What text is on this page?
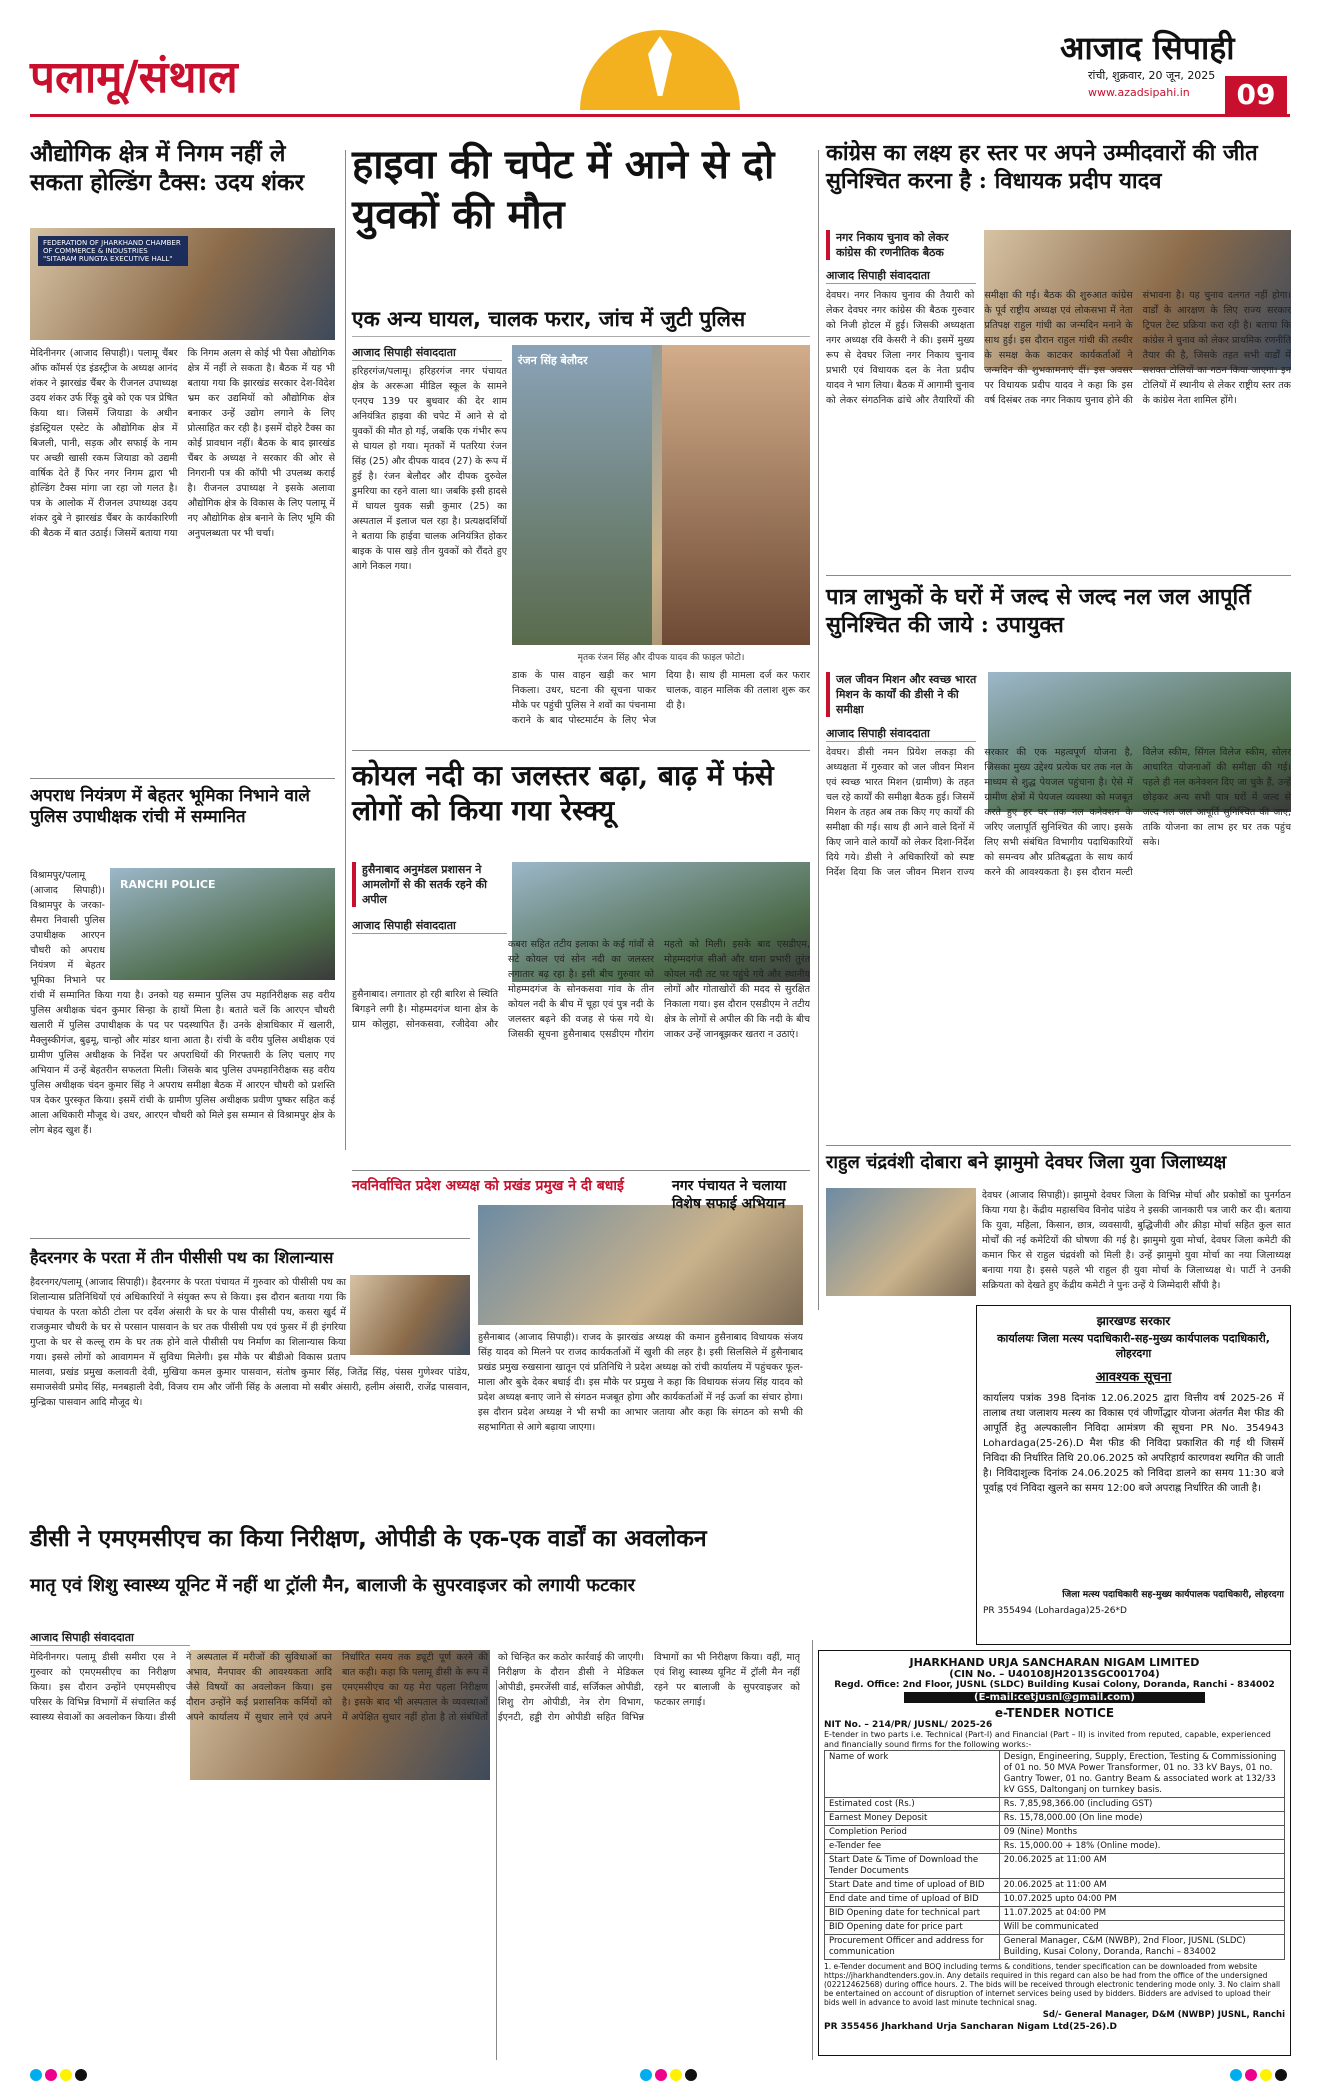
पलामू/संथाल
आजाद सिपाही
रांची, शुक्रवार, 20 जून, 2025
www.azadsipahi.in	09
औद्योगिक क्षेत्र में निगम नहीं ले सकता होल्डिंग टैक्स: उदय शंकर
FEDERATION OF JHARKHAND CHAMBER OF COMMERCE & INDUSTRIES "SITARAM RUNGTA EXECUTIVE HALL"
मेदिनीनगर (आजाद सिपाही)। पलामू चैंबर ऑफ कॉमर्स एंड इंडस्ट्रीज के अध्यक्ष आनंद शंकर ने झारखंड चैंबर के रीजनल उपाध्यक्ष उदय शंकर उर्फ रिंकू दुबे को एक पत्र प्रेषित किया था। जिसमें जियाडा के अधीन इंडस्ट्रियल एस्टेट के औद्योगिक क्षेत्र में बिजली, पानी, सड़क और सफाई के नाम पर अच्छी खासी रकम जियाडा को उद्यमी वार्षिक देते हैं फिर नगर निगम द्वारा भी होल्डिंग टैक्स मांगा जा रहा जो गलत है। पत्र के आलोक में रीजनल उपाध्यक्ष उदय शंकर दुबे ने झारखंड चैंबर के कार्यकारिणी की बैठक में बात उठाई। जिसमें बताया गया कि निगम अलग से कोई भी पैसा औद्योगिक क्षेत्र में नहीं ले सकता है। बैठक में यह भी बताया गया कि झारखंड सरकार देश-विदेश भ्रम कर उद्यमियों को औद्योगिक क्षेत्र बनाकर उन्हें उद्योग लगाने के लिए प्रोत्साहित कर रही है। इसमें दोहरे टैक्स का कोई प्रावधान नहीं। बैठक के बाद झारखंड चैंबर के अध्यक्ष ने सरकार की ओर से निगरानी पत्र की कॉपी भी उपलब्ध कराई है। रीजनल उपाध्यक्ष ने इसके अलावा औद्योगिक क्षेत्र के विकास के लिए पलामू में नए औद्योगिक क्षेत्र बनाने के लिए भूमि की अनुपलब्धता पर भी चर्चा।
अपराध नियंत्रण में बेहतर भूमिका निभाने वाले पुलिस उपाधीक्षक रांची में सम्मानित
RANCHI POLICE
विश्रामपुर/पलामू (आजाद सिपाही)। विश्रामपुर के जरका-सैमरा निवासी पुलिस उपाधीक्षक आरएन चौधरी को अपराध नियंत्रण में बेहतर भूमिका निभाने पर रांची में सम्मानित किया गया है। उनको यह सम्मान पुलिस उप महानिरीक्षक सह वरीय पुलिस अधीक्षक चंदन कुमार सिन्हा के हाथों मिला है। बताते चलें कि आरएन चौधरी खलारी में पुलिस उपाधीक्षक के पद पर पदस्थापित हैं। उनके क्षेत्राधिकार में खलारी, मैक्लुस्कीगंज, बुढ़मू, चान्हो और मांडर थाना आता है। रांची के वरीय पुलिस अधीक्षक एवं ग्रामीण पुलिस अधीक्षक के निर्देश पर अपराधियों की गिरफ्तारी के लिए चलाए गए अभियान में उन्हें बेहतरीन सफलता मिली। जिसके बाद पुलिस उपमहानिरीक्षक सह वरीय पुलिस अधीक्षक चंदन कुमार सिंह ने अपराध समीक्षा बैठक में आरएन चौधरी को प्रशस्ति पत्र देकर पुरस्कृत किया। इसमें रांची के ग्रामीण पुलिस अधीक्षक प्रवीण पुष्कर सहित कई आला अधिकारी मौजूद थे। उधर, आरएन चौधरी को मिले इस सम्मान से विश्रामपुर क्षेत्र के लोग बेहद खुश हैं।
हाइवा की चपेट में आने से दो युवकों की मौत
एक अन्य घायल, चालक फरार, जांच में जुटी पुलिस
आजाद सिपाही संवाददाता
हरिहरगंज/पलामू। हरिहरगंज नगर पंचायत क्षेत्र के अररूआ मीडिल स्कूल के सामने एनएच 139 पर बुधवार की देर शाम अनियंत्रित हाइवा की चपेट में आने से दो युवकों की मौत हो गई, जबकि एक गंभीर रूप से घायल हो गया। मृतकों में पतरिया रंजन सिंह (25) और दीपक यादव (27) के रूप में हुई है। रंजन बेलौदर और दीपक दुरुवेल डुमरिया का रहने वाला था। जबकि इसी हादसे में घायल युवक सन्नी कुमार (25) का अस्पताल में इलाज चल रहा है। प्रत्यक्षदर्शियों ने बताया कि हाईवा चालक अनियंत्रित होकर बाइक के पास खड़े तीन युवकों को रौंदते हुए आगे निकल गया।
रंजन सिंह बेलौदर
मृतक रंजन सिंह और दीपक यादव की फाइल फोटो।
डाक के पास वाहन खड़ी कर भाग निकला। उधर, घटना की सूचना पाकर मौके पर पहुंची पुलिस ने शवों का पंचनामा कराने के बाद पोस्टमार्टम के लिए भेज दिया है। साथ ही मामला दर्ज कर फरार चालक, वाहन मालिक की तलाश शुरू कर दी है।
कोयल नदी का जलस्तर बढ़ा, बाढ़ में फंसे लोगों को किया गया रेस्क्यू
हुसैनाबाद अनुमंडल प्रशासन ने आमलोगों से की सतर्क रहने की अपील
आजाद सिपाही संवाददाता
हुसैनाबाद। लगातार हो रही बारिश से स्थिति बिगड़ने लगी है। मोहम्मदगंज थाना क्षेत्र के ग्राम कोलुहा, सोनकसवा, रजीदेवा और कबरा सहित तटीय इलाका के कई गांवों से सटे कोयल एवं सोन नदी का जलस्तर लगातार बढ़ रहा है। इसी बीच गुरुवार को मोहम्मदगंज के सोनकसवा गांव के तीन कोयल नदी के बीच में चूहा एवं पुत्र नदी के जलस्तर बढ़ने की वजह से फंस गये थे। जिसकी सूचना हुसैनाबाद एसडीएम गौरांग महतो को मिली। इसके बाद एसडीएम, मोहम्मदगंज सीओ और थाना प्रभारी तुरंत कोयल नदी तट पर पहुंचे गये और स्थानीय लोगों और गोताखोरों की मदद से सुरक्षित निकाला गया। इस दौरान एसडीएम ने तटीय क्षेत्र के लोगों से अपील की कि नदी के बीच जाकर उन्हें जानबूझकर खतरा न उठाएं।
हैदरनगर के परता में तीन पीसीसी पथ का शिलान्यास
हैदरनगर/पलामू (आजाद सिपाही)। हैदरनगर के परता पंचायत में गुरुवार को पीसीसी पथ का शिलान्यास प्रतिनिधियों एवं अधिकारियों ने संयुक्त रूप से किया। इस दौरान बताया गया कि पंचायत के परता कोठी टोला पर दर्वेश अंसारी के घर के पास पीसीसी पथ, कसरा खुर्द में राजकुमार चौधरी के घर से परसान पासवान के घर तक पीसीसी पथ एवं फुसर में ही इंगरिया गुप्ता के घर से कल्लू राम के घर तक होने वाले पीसीसी पथ निर्माण का शिलान्यास किया गया। इससे लोगों को आवागमन में सुविधा मिलेगी। इस मौके पर बीडीओ विकास प्रताप मालवा, प्रखंड प्रमुख कलावती देवी, मुखिया कमल कुमार पासवान, संतोष कुमार सिंह, जितेंद्र सिंह, पंसस गुणेश्वर पांडेय, समाजसेवी प्रमोद सिंह, मनबहाली देवी, विजय राम और जॉनी सिंह के अलावा मो सबीर अंसारी, हलीम अंसारी, राजेंद्र पासवान, मुन्द्रिका पासवान आदि मौजूद थे।
नवनिर्वाचित प्रदेश अध्यक्ष को प्रखंड प्रमुख ने दी बधाई
हुसैनाबाद (आजाद सिपाही)। राजद के झारखंड अध्यक्ष की कमान हुसैनाबाद विधायक संजय सिंह यादव को मिलने पर राजद कार्यकर्ताओं में खुशी की लहर है। इसी सिलसिले में हुसैनाबाद प्रखंड प्रमुख रुखसाना खातून एवं प्रतिनिधि ने प्रदेश अध्यक्ष को रांची कार्यालय में पहुंचकर फूल-माला और बुके देकर बधाई दी। इस मौके पर प्रमुख ने कहा कि विधायक संजय सिंह यादव को प्रदेश अध्यक्ष बनाए जाने से संगठन मजबूत होगा और कार्यकर्ताओं में नई ऊर्जा का संचार होगा। इस दौरान प्रदेश अध्यक्ष ने भी सभी का आभार जताया और कहा कि संगठन को सभी की सहभागिता से आगे बढ़ाया जाएगा।
नगर पंचायत ने चलाया विशेष सफाई अभियान
कांग्रेस का लक्ष्य हर स्तर पर अपने उम्मीदवारों की जीत सुनिश्चित करना है : विधायक प्रदीप यादव
नगर निकाय चुनाव को लेकर कांग्रेस की रणनीतिक बैठक
आजाद सिपाही संवाददाता
देवघर। नगर निकाय चुनाव की तैयारी को लेकर देवघर नगर कांग्रेस की बैठक गुरुवार को निजी होटल में हुई। जिसकी अध्यक्षता नगर अध्यक्ष रवि केसरी ने की। इसमें मुख्य रूप से देवघर जिला नगर निकाय चुनाव प्रभारी एवं विधायक दल के नेता प्रदीप यादव ने भाग लिया। बैठक में आगामी चुनाव को लेकर संगठनिक ढांचे और तैयारियों की समीक्षा की गई। बैठक की शुरुआत कांग्रेस के पूर्व राष्ट्रीय अध्यक्ष एवं लोकसभा में नेता प्रतिपक्ष राहुल गांधी का जन्मदिन मनाने के साथ हुई। इस दौरान राहुल गांधी की तस्वीर के समक्ष केक काटकर कार्यकर्ताओं ने जन्मदिन की शुभकामनाएं दीं। इस अवसर पर विधायक प्रदीप यादव ने कहा कि इस वर्ष दिसंबर तक नगर निकाय चुनाव होने की संभावना है। यह चुनाव दलगत नहीं होगा। वार्डों के आरक्षण के लिए राज्य सरकार ट्रिपल टेस्ट प्रक्रिया करा रही है। बताया कि कांग्रेस ने चुनाव को लेकर प्राथमिक रणनीति तैयार की है, जिसके तहत सभी वार्डों में सशक्त टोलियों का गठन किया जाएगा। इन टोलियों में स्थानीय से लेकर राष्ट्रीय स्तर तक के कांग्रेस नेता शामिल होंगे।
पात्र लाभुकों के घरों में जल्द से जल्द नल जल आपूर्ति सुनिश्चित की जाये : उपायुक्त
जल जीवन मिशन और स्वच्छ भारत मिशन के कार्यों की डीसी ने की समीक्षा
आजाद सिपाही संवाददाता
देवघर। डीसी नमन प्रियेश लकड़ा की अध्यक्षता में गुरुवार को जल जीवन मिशन एवं स्वच्छ भारत मिशन (ग्रामीण) के तहत चल रहे कार्यों की समीक्षा बैठक हुई। जिसमें मिशन के तहत अब तक किए गए कार्यों की समीक्षा की गई। साथ ही आने वाले दिनों में किए जाने वाले कार्यों को लेकर दिशा-निर्देश दिये गये। डीसी ने अधिकारियों को स्पष्ट निर्देश दिया कि जल जीवन मिशन राज्य सरकार की एक महत्वपूर्ण योजना है, जिसका मुख्य उद्देश्य प्रत्येक घर तक नल के माध्यम से शुद्ध पेयजल पहुंचाना है। ऐसे में ग्रामीण क्षेत्रों में पेयजल व्यवस्था को मजबूत करते हुए हर घर तक नल कनेक्शन के जरिए जलापूर्ति सुनिश्चित की जाए। इसके लिए सभी संबंधित विभागीय पदाधिकारियों को समन्वय और प्रतिबद्धता के साथ कार्य करने की आवश्यकता है। इस दौरान मल्टी विलेज स्कीम, सिंगल विलेज स्कीम, सोलर आधारित योजनाओं की समीक्षा की गई। पहले ही नल कनेक्शन दिए जा चुके हैं, उन्हें छोड़कर अन्य सभी पात्र घरों में जल्द से जल्द नल जल आपूर्ति सुनिश्चित की जाए, ताकि योजना का लाभ हर घर तक पहुंच सके।
राहुल चंद्रवंशी दोबारा बने झामुमो देवघर जिला युवा जिलाध्यक्ष
देवघर (आजाद सिपाही)। झामुमो देवघर जिला के विभिन्न मोर्चा और प्रकोष्ठों का पुनर्गठन किया गया है। केंद्रीय महासचिव विनोद पांडेय ने इसकी जानकारी पत्र जारी कर दी। बताया कि युवा, महिला, किसान, छात्र, व्यवसायी, बुद्धिजीवी और क्रीड़ा मोर्चा सहित कुल सात मोर्चों की नई कमेटियों की घोषणा की गई है। झामुमो युवा मोर्चा, देवघर जिला कमेटी की कमान फिर से राहुल चंद्रवंशी को मिली है। उन्हें झामुमो युवा मोर्चा का नया जिलाध्यक्ष बनाया गया है। इससे पहले भी राहुल ही युवा मोर्चा के जिलाध्यक्ष थे। पार्टी ने उनकी सक्रियता को देखते हुए केंद्रीय कमेटी ने पुनः उन्हें ये जिम्मेदारी सौंपी है।
झारखण्ड सरकार
कार्यालयः जिला मत्स्य पदाधिकारी-सह-मुख्य कार्यपालक पदाधिकारी, लोहरदगा
आवश्यक सूचना
कार्यालय पत्रांक 398 दिनांक 12.06.2025 द्वारा वित्तीय वर्ष 2025-26 में तालाब तथा जलाशय मत्स्य का विकास एवं जीर्णोद्धार योजना अंतर्गत मैश फीड की आपूर्ति हेतु अल्पकालीन निविदा आमंत्रण की सूचना PR No. 354943 Lohardaga(25-26).D मैश फीड की निविदा प्रकाशित की गई थी जिसमें निविदा की निर्धारित तिथि 20.06.2025 को अपरिहार्य कारणवश स्थगित की जाती है। निविदाशुल्क दिनांक 24.06.2025 को निविदा डालने का समय 11:30 बजे पूर्वाह्न एवं निविदा खुलने का समय 12:00 बजे अपराह्न निर्धारित की जाती है।
जिला मत्स्य पदाधिकारी सह-मुख्य कार्यपालक पदाधिकारी, लोहरदगा
PR 355494 (Lohardaga)25-26*D
डीसी ने एमएमसीएच का किया निरीक्षण, ओपीडी के एक-एक वार्डों का अवलोकन
मातृ एवं शिशु स्वास्थ्य यूनिट में नहीं था ट्रॉली मैन, बालाजी के सुपरवाइजर को लगायी फटकार
आजाद सिपाही संवाददाता
मेदिनीनगर। पलामू डीसी समीरा एस ने गुरुवार को एमएमसीएच का निरीक्षण किया। इस दौरान उन्होंने एमएमसीएच परिसर के विभिन्न विभागों में संचालित कई स्वास्थ्य सेवाओं का अवलोकन किया। डीसी ने अस्पताल में मरीजों की सुविधाओं का अभाव, मैनपावर की आवश्यकता आदि जैसे विषयों का अवलोकन किया। इस दौरान उन्होंने कई प्रशासनिक कर्मियों को अपने कार्यालय में सुधार लाने एवं अपने निर्धारित समय तक ड्यूटी पूर्ण करने की बात कही। कहा कि पलामू डीसी के रूप में एमएमसीएच का यह मेरा पहला निरीक्षण है। इसके बाद भी अस्पताल के व्यवस्थाओं में अपेक्षित सुधार नहीं होता है तो संबंधितों को चिन्हित कर कठोर कार्रवाई की जाएगी। निरीक्षण के दौरान डीसी ने मेडिकल ओपीडी, इमरजेंसी वार्ड, सर्जिकल ओपीडी, शिशु रोग ओपीडी, नेत्र रोग विभाग, ईएनटी, हड्डी रोग ओपीडी सहित विभिन्न विभागों का भी निरीक्षण किया। वहीं, मातृ एवं शिशु स्वास्थ्य यूनिट में ट्रॉली मैन नहीं रहने पर बालाजी के सुपरवाइजर को फटकार लगाई।
JHARKHAND URJA SANCHARAN NIGAM LIMITED
(CIN No. – U40108JH2013SGC001704)
Regd. Office: 2nd Floor, JUSNL (SLDC) Building Kusai Colony, Doranda, Ranchi - 834002
(E-mail:cetjusnl@gmail.com)
e-TENDER NOTICE
NIT No. – 214/PR/ JUSNL/ 2025-26
E-tender in two parts i.e. Technical (Part-I) and Financial (Part – II) is invited from reputed, capable, experienced and financially sound firms for the following works:-
Name of work	Design, Engineering, Supply, Erection, Testing & Commissioning of 01 no. 50 MVA Power Transformer, 01 no. 33 kV Bays, 01 no. Gantry Tower, 01 no. Gantry Beam & associated work at 132/33 kV GSS, Daltonganj on turnkey basis.
Estimated cost (Rs.)	Rs. 7,85,98,366.00 (including GST)
Earnest Money Deposit	Rs. 15,78,000.00 (On line mode)
Completion Period	09 (Nine) Months
e-Tender fee	Rs. 15,000.00 + 18% (Online mode).
Start Date & Time of Download the Tender Documents	20.06.2025 at 11:00 AM
Start Date and time of upload of BID	20.06.2025 at 11:00 AM
End date and time of upload of BID	10.07.2025 upto 04:00 PM
BID Opening date for technical part	11.07.2025 at 04:00 PM
BID Opening date for price part	Will be communicated
Procurement Officer and address for communication	General Manager, C&M (NWBP), 2nd Floor, JUSNL (SLDC) Building, Kusai Colony, Doranda, Ranchi – 834002
1. e-Tender document and BOQ including terms & conditions, tender specification can be downloaded from website https://jharkhandtenders.gov.in. Any details required in this regard can also be had from the office of the undersigned (02212462568) during office hours. 2. The bids will be received through electronic tendering mode only. 3. No claim shall be entertained on account of disruption of internet services being used by bidders. Bidders are advised to upload their bids well in advance to avoid last minute technical snag.
Sd/- General Manager, D&M (NWBP) JUSNL, Ranchi
PR 355456 Jharkhand Urja Sancharan Nigam Ltd(25-26).D
